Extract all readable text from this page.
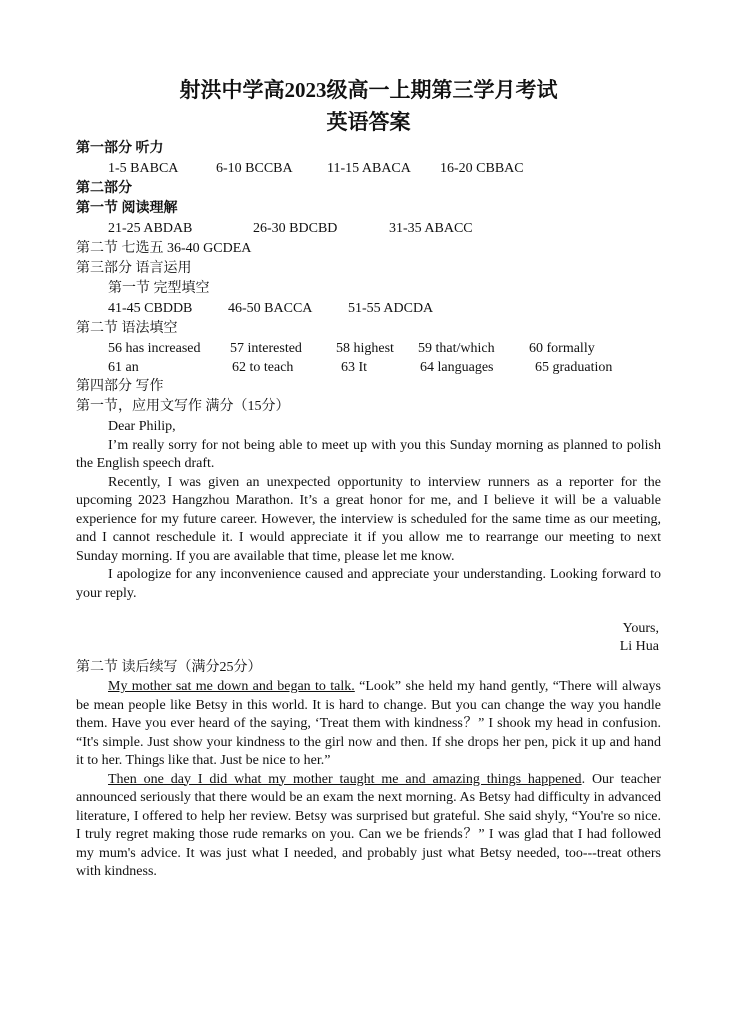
射洪中学高2023级高一上期第三学月考试
英语答案
第一部分 听力
1-5 BABCA	6-10 BCCBA 11-15 ABACA 16-20 CBBAC
第二部分
第一节 阅读理解
21-25 ABDAB	26-30 BDCBD	31-35 ABACC
第二节 七选五 36-40 GCDEA
第三部分 语言运用
第一节 完型填空
41-45 CBDDB	46-50 BACCA	51-55 ADCDA
第二节 语法填空
56 has increased 57 interested 58 highest 59 that/which 60 formally
61 an	62 to teach	63 It	64 languages	65 graduation
第四部分 写作
第一节，应用文写作 满分（15分）

Dear Philip,

I’m really sorry for not being able to meet up with you this Sunday morning as planned to polish the English speech draft.

Recently, I was given an unexpected opportunity to interview runners as a reporter for the upcoming 2023 Hangzhou Marathon. It’s a great honor for me, and I believe it will be a valuable experience for my future career. However, the interview is scheduled for the same time as our meeting, and I cannot reschedule it. I would appreciate it if you allow me to rearrange our meeting to next Sunday morning. If you are available that time, please let me know.

I apologize for any inconvenience caused and appreciate your understanding. Looking forward to your reply.

Yours,
Li Hua
第二节 读后续写（满分25分）

My mother sat me down and began to talk. “Look” she held my hand gently, “There will always be mean people like Betsy in this world. It is hard to change. But you can change the way you handle them. Have you ever heard of the saying, ‘Treat them with kindness？” I shook my head in confusion. “It's simple. Just show your kindness to the girl now and then. If she drops her pen, pick it up and hand it to her. Things like that. Just be nice to her.”

Then one day I did what my mother taught me and amazing things happened. Our teacher announced seriously that there would be an exam the next morning. As Betsy had difficulty in advanced literature, I offered to help her review. Betsy was surprised but grateful. She said shyly, “You're so nice. I truly regret making those rude remarks on you. Can we be friends？” I was glad that I had followed my mum's advice. It was just what I needed, and probably just what Betsy needed, too---treat others with kindness.
